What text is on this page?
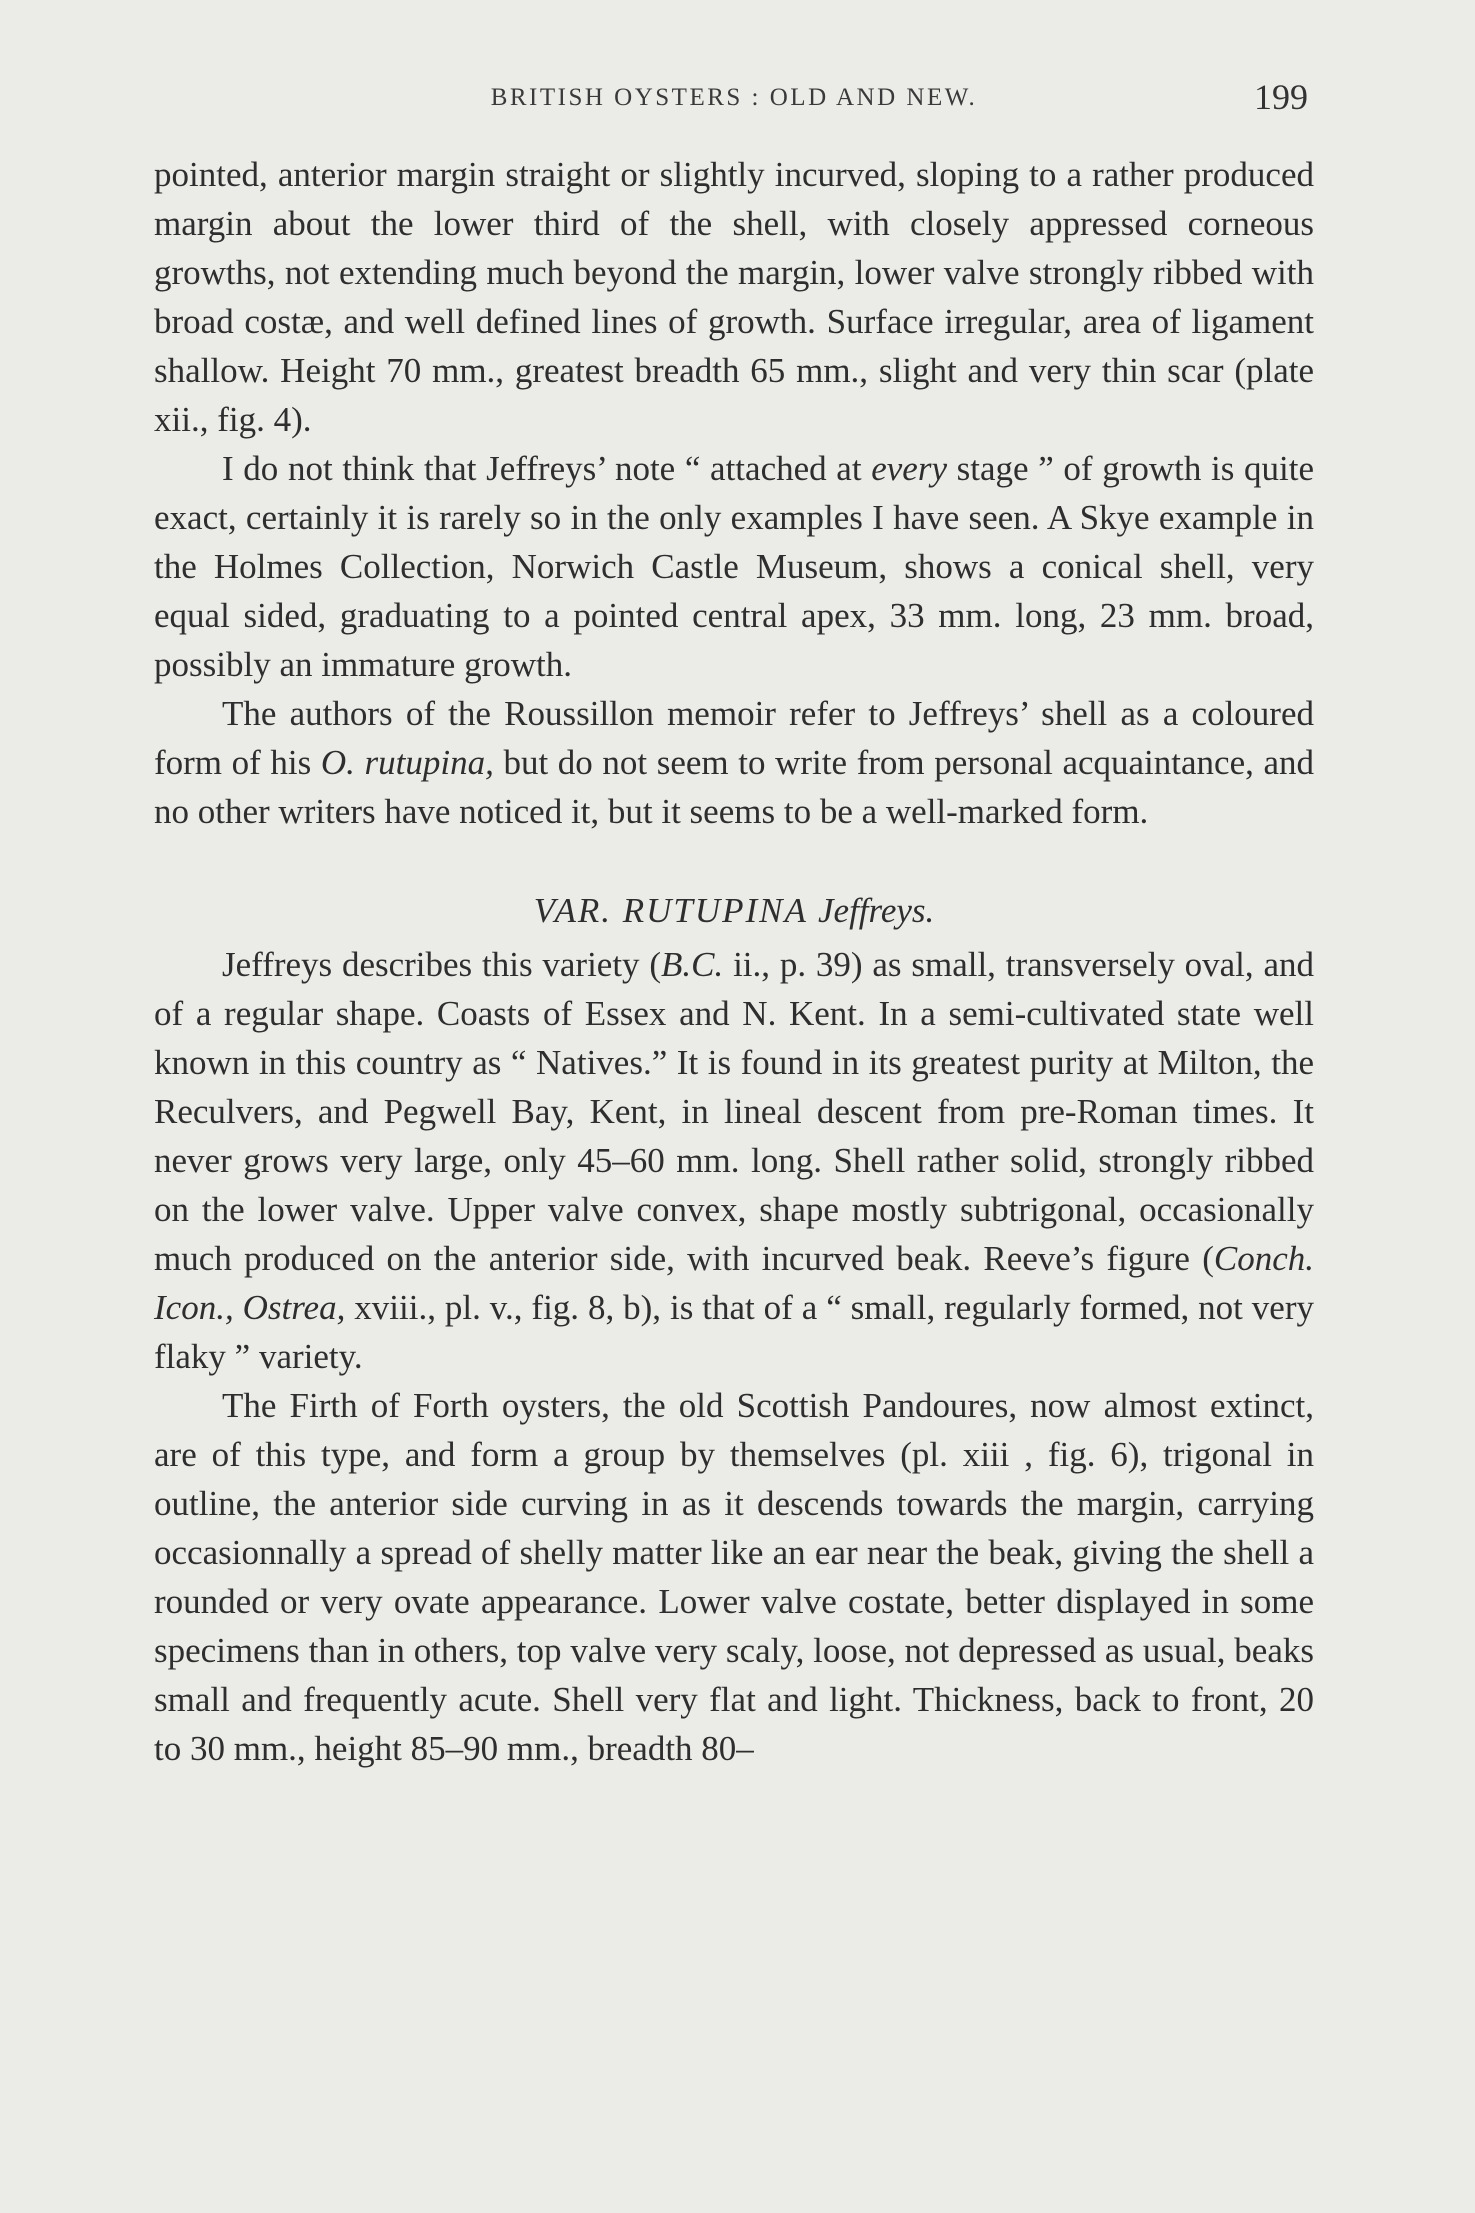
BRITISH OYSTERS : OLD AND NEW.	199

pointed, anterior margin straight or slightly incurved, sloping to a rather produced margin about the lower third of the shell, with closely appressed corneous growths, not extending much beyond the margin, lower valve strongly ribbed with broad costæ, and well defined lines of growth. Surface irregular, area of ligament shallow. Height 70 mm., greatest breadth 65 mm., slight and very thin scar (plate xii., fig. 4).

I do not think that Jeffreys’ note “ attached at every stage ” of growth is quite exact, certainly it is rarely so in the only examples I have seen. A Skye example in the Holmes Collection, Norwich Castle Museum, shows a conical shell, very equal sided, graduating to a pointed central apex, 33 mm. long, 23 mm. broad, possibly an immature growth.

The authors of the Roussillon memoir refer to Jeffreys’ shell as a coloured form of his O. rutupina, but do not seem to write from personal acquaintance, and no other writers have noticed it, but it seems to be a well-marked form.

VAR. RUTUPINA Jeffreys.

Jeffreys describes this variety (B.C. ii., p. 39) as small, transversely oval, and of a regular shape. Coasts of Essex and N. Kent. In a semi-cultivated state well known in this country as “ Natives.” It is found in its greatest purity at Milton, the Reculvers, and Pegwell Bay, Kent, in lineal descent from pre-Roman times. It never grows very large, only 45–60 mm. long. Shell rather solid, strongly ribbed on the lower valve. Upper valve convex, shape mostly subtrigonal, occasionally much produced on the anterior side, with incurved beak. Reeve’s figure (Conch. Icon., Ostrea, xviii., pl. v., fig. 8, b), is that of a “ small, regularly formed, not very flaky ” variety.

The Firth of Forth oysters, the old Scottish Pandoures, now almost extinct, are of this type, and form a group by themselves (pl. xiii , fig. 6), trigonal in outline, the anterior side curving in as it descends towards the margin, carrying occasionnally a spread of shelly matter like an ear near the beak, giving the shell a rounded or very ovate appearance. Lower valve costate, better displayed in some specimens than in others, top valve very scaly, loose, not depressed as usual, beaks small and frequently acute. Shell very flat and light. Thickness, back to front, 20 to 30 mm., height 85–90 mm., breadth 80–
